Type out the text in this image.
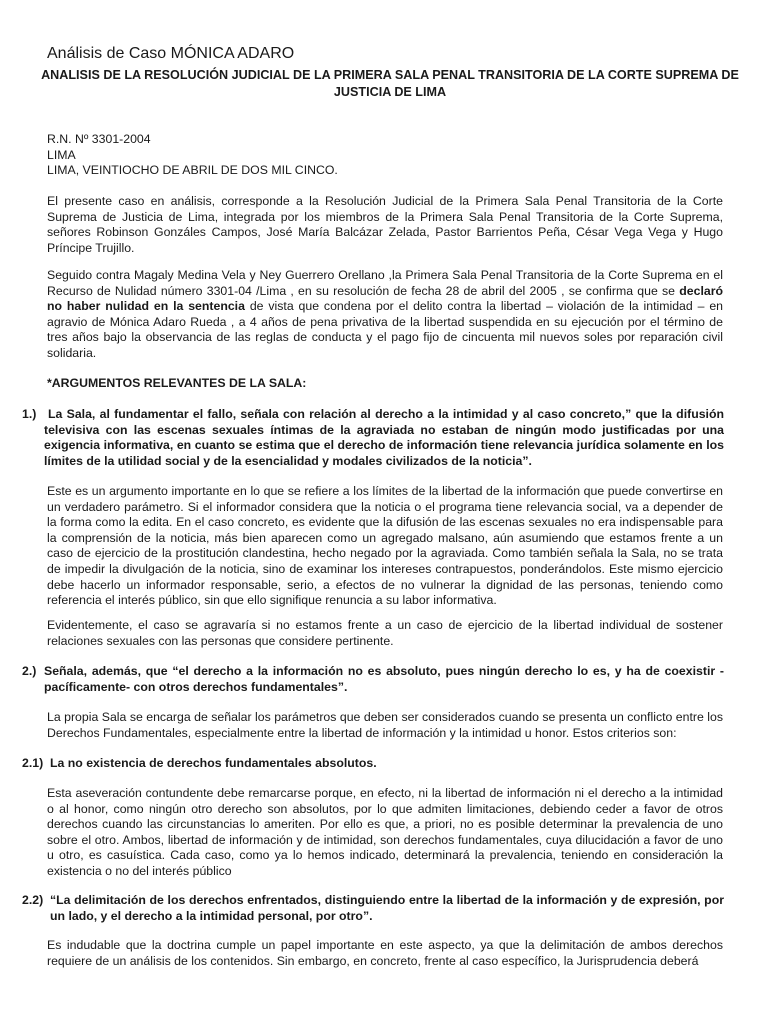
Análisis de Caso MÓNICA ADARO
ANALISIS DE LA RESOLUCIÓN JUDICIAL DE LA PRIMERA SALA PENAL TRANSITORIA DE LA CORTE SUPREMA DE JUSTICIA DE LIMA
R.N. Nº 3301-2004
LIMA
LIMA, VEINTIOCHO DE ABRIL DE DOS MIL CINCO.
El presente caso en análisis, corresponde a la Resolución Judicial de la Primera Sala Penal Transitoria de la Corte Suprema de Justicia de Lima, integrada por los miembros de la Primera Sala Penal Transitoria de la Corte Suprema, señores Robinson Gonzáles Campos, José María Balcázar Zelada, Pastor Barrientos Peña, César Vega Vega y Hugo Príncipe Trujillo.
Seguido contra Magaly Medina Vela y Ney Guerrero Orellano ,la Primera Sala Penal Transitoria de la Corte Suprema en el Recurso de Nulidad número 3301-04 /Lima , en su resolución de fecha 28 de abril del 2005 , se confirma que se declaró no haber nulidad en la sentencia de vista que condena por el delito contra la libertad – violación de la intimidad – en agravio de Mónica Adaro Rueda , a 4 años de pena privativa de la libertad suspendida en su ejecución por el término de tres años bajo la observancia de las reglas de conducta y el pago fijo de cincuenta mil nuevos soles por reparación civil solidaria.
*ARGUMENTOS RELEVANTES DE LA SALA:
1.) La Sala, al fundamentar el fallo, señala con relación al derecho a la intimidad y al caso concreto,” que la difusión televisiva con las escenas sexuales íntimas de la agraviada no estaban de ningún modo justificadas por una exigencia informativa, en cuanto se estima que el derecho de información tiene relevancia jurídica solamente en los límites de la utilidad social y de la esencialidad y modales civilizados de la noticia”.
Este es un argumento importante en lo que se refiere a los límites de la libertad de la información que puede convertirse en un verdadero parámetro. Si el informador considera que la noticia o el programa tiene relevancia social, va a depender de la forma como la edita. En el caso concreto, es evidente que la difusión de las escenas sexuales no era indispensable para la comprensión de la noticia, más bien aparecen como un agregado malsano, aún asumiendo que estamos frente a un caso de ejercicio de la prostitución clandestina, hecho negado por la agraviada. Como también señala la Sala, no se trata de impedir la divulgación de la noticia, sino de examinar los intereses contrapuestos, ponderándolos. Este mismo ejercicio debe hacerlo un informador responsable, serio, a efectos de no vulnerar la dignidad de las personas, teniendo como referencia el interés público, sin que ello signifique renuncia a su labor informativa.
Evidentemente, el caso se agravaría si no estamos frente a un caso de ejercicio de la libertad individual de sostener relaciones sexuales con las personas que considere pertinente.
2.) Señala, además, que “el derecho a la información no es absoluto, pues ningún derecho lo es, y ha de coexistir - pacíficamente- con otros derechos fundamentales”.
La propia Sala se encarga de señalar los parámetros que deben ser considerados cuando se presenta un conflicto entre los Derechos Fundamentales, especialmente entre la libertad de información y la intimidad u honor. Estos criterios son:
2.1) La no existencia de derechos fundamentales absolutos.
Esta aseveración contundente debe remarcarse porque, en efecto, ni la libertad de información ni el derecho a la intimidad o al honor, como ningún otro derecho son absolutos, por lo que admiten limitaciones, debiendo ceder a favor de otros derechos cuando las circunstancias lo ameriten. Por ello es que, a priori, no es posible determinar la prevalencia de uno sobre el otro. Ambos, libertad de información y de intimidad, son derechos fundamentales, cuya dilucidación a favor de uno u otro, es casuística. Cada caso, como ya lo hemos indicado, determinará la prevalencia, teniendo en consideración la existencia o no del interés público
2.2) “La delimitación de los derechos enfrentados, distinguiendo entre la libertad de la información y de expresión, por un lado, y el derecho a la intimidad personal, por otro”.
Es indudable que la doctrina cumple un papel importante en este aspecto, ya que la delimitación de ambos derechos requiere de un análisis de los contenidos. Sin embargo, en concreto, frente al caso específico, la Jurisprudencia deberá
